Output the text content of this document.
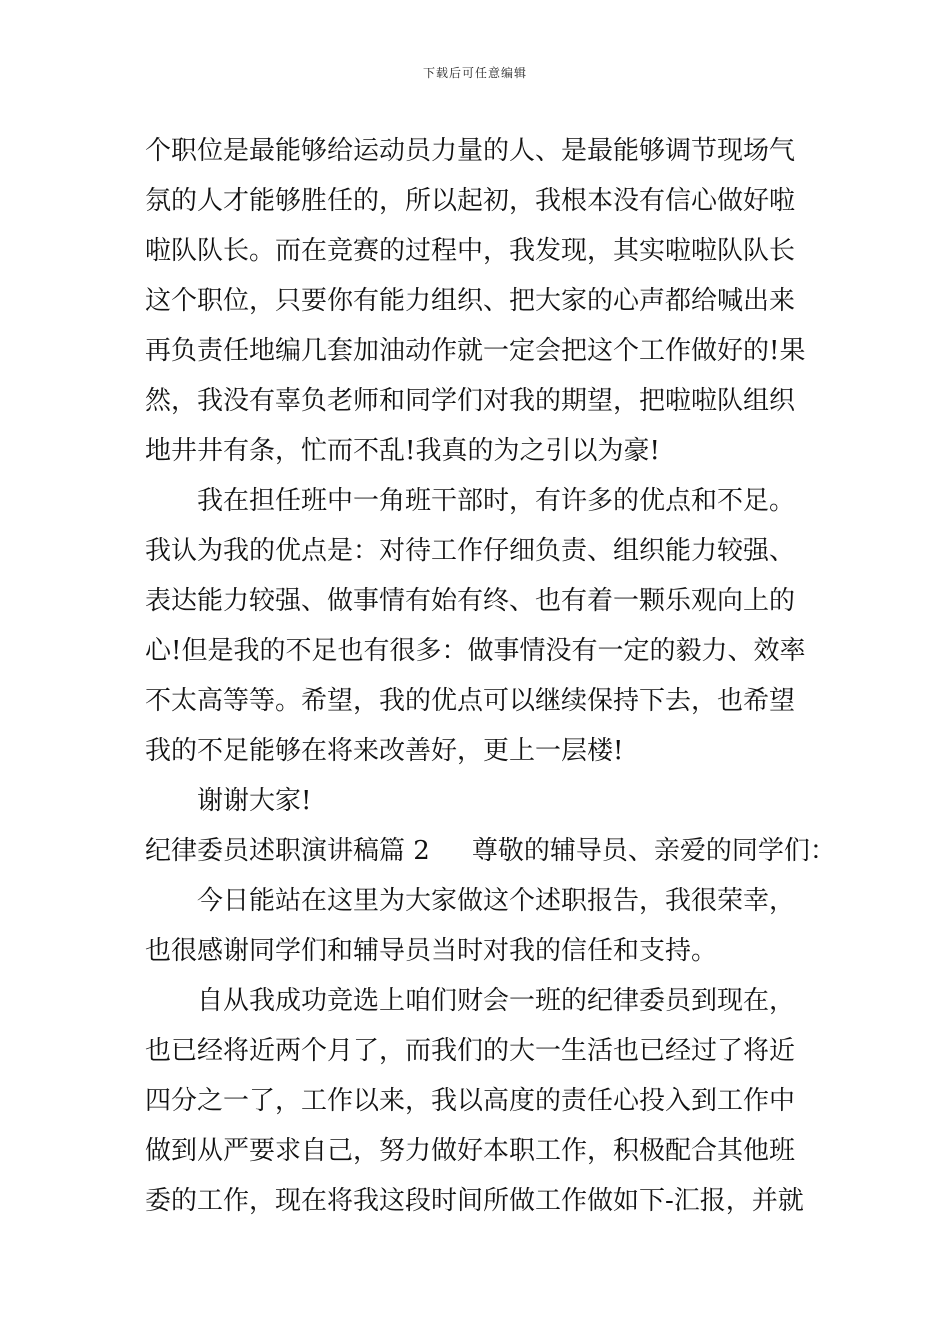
下载后可任意编辑
个职位是最能够给运动员力量的人、是最能够调节现场气
氛的人才能够胜任的，所以起初，我根本没有信心做好啦
啦队队长。而在竞赛的过程中，我发现，其实啦啦队队长
这个职位，只要你有能力组织、把大家的心声都给喊出来
再负责任地编几套加油动作就一定会把这个工作做好的!果
然，我没有辜负老师和同学们对我的期望，把啦啦队组织
地井井有条，忙而不乱!我真的为之引以为豪!
我在担任班中一角班干部时，有许多的优点和不足。
我认为我的优点是：对待工作仔细负责、组织能力较强、
表达能力较强、做事情有始有终、也有着一颗乐观向上的
心!但是我的不足也有很多：做事情没有一定的毅力、效率
不太高等等。希望，我的优点可以继续保持下去，也希望
我的不足能够在将来改善好，更上一层楼!
谢谢大家!
纪律委员述职演讲稿篇 2 尊敬的辅导员、亲爱的同学们：
今日能站在这里为大家做这个述职报告，我很荣幸，
也很感谢同学们和辅导员当时对我的信任和支持。
自从我成功竞选上咱们财会一班的纪律委员到现在，
也已经将近两个月了，而我们的大一生活也已经过了将近
四分之一了，工作以来，我以高度的责任心投入到工作中
做到从严要求自己，努力做好本职工作，积极配合其他班
委的工作，现在将我这段时间所做工作做如下-汇报，并就
